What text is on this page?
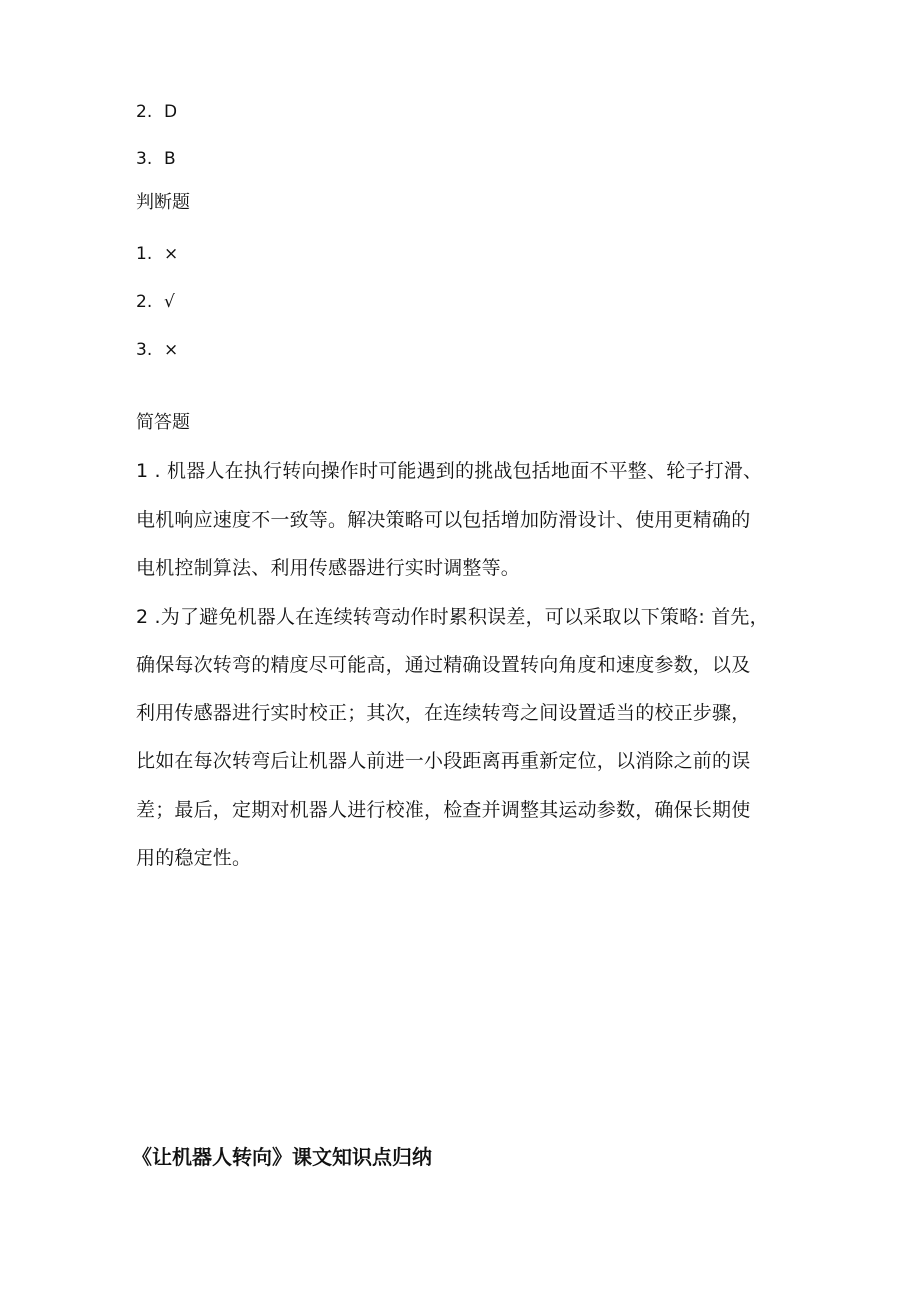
2. D
3. B
判断题
1. ×
2. √
3. ×
简答题
1 . 机器人在执行转向操作时可能遇到的挑战包括地面不平整、轮子打滑、
电机响应速度不一致等。解决策略可以包括增加防滑设计、使用更精确的
电机控制算法、利用传感器进行实时调整等。
2 .为了避免机器人在连续转弯动作时累积误差，可以采取以下策略: 首先，
确保每次转弯的精度尽可能高，通过精确设置转向角度和速度参数，以及
利用传感器进行实时校正；其次，在连续转弯之间设置适当的校正步骤，
比如在每次转弯后让机器人前进一小段距离再重新定位，以消除之前的误
差；最后，定期对机器人进行校准，检查并调整其运动参数，确保长期使
用的稳定性。
《让机器人转向》课文知识点归纳
